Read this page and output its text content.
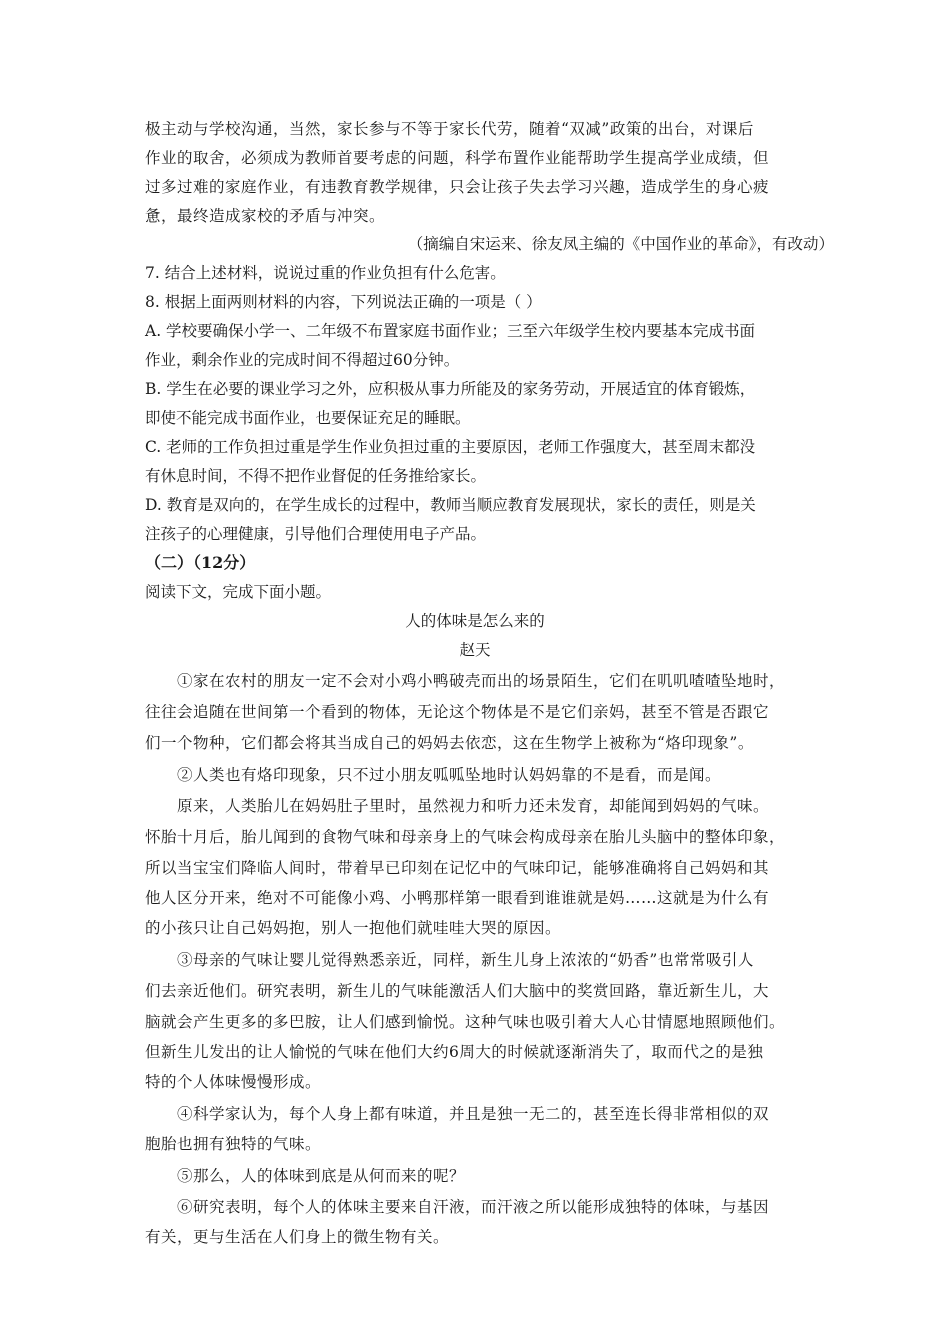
极主动与学校沟通，当然，家长参与不等于家长代劳，随着“双减”政策的出台，对课后
作业的取舍，必须成为教师首要考虑的问题，科学布置作业能帮助学生提高学业成绩，但
过多过难的家庭作业，有违教育教学规律，只会让孩子失去学习兴趣，造成学生的身心疲
惫，最终造成家校的矛盾与冲突。
（摘编自宋运来、徐友凤主编的《中国作业的革命》，有改动）
7. 结合上述材料，说说过重的作业负担有什么危害。
8. 根据上面两则材料的内容，下列说法正确的一项是（ ）
A. 学校要确保小学一、二年级不布置家庭书面作业；三至六年级学生校内要基本完成书面
作业，剩余作业的完成时间不得超过60分钟。
B. 学生在必要的课业学习之外，应积极从事力所能及的家务劳动，开展适宜的体育锻炼，
即使不能完成书面作业，也要保证充足的睡眠。
C. 老师的工作负担过重是学生作业负担过重的主要原因，老师工作强度大，甚至周末都没
有休息时间，不得不把作业督促的任务推给家长。
D. 教育是双向的，在学生成长的过程中，教师当顺应教育发展现状，家长的责任，则是关
注孩子的心理健康，引导他们合理使用电子产品。
（二）（12分）
阅读下文，完成下面小题。
人的体味是怎么来的
赵天
①家在农村的朋友一定不会对小鸡小鸭破壳而出的场景陌生，它们在叽叽喳喳坠地时，
往往会追随在世间第一个看到的物体，无论这个物体是不是它们亲妈，甚至不管是否跟它
们一个物种，它们都会将其当成自己的妈妈去依恋，这在生物学上被称为“烙印现象”。
②人类也有烙印现象，只不过小朋友呱呱坠地时认妈妈靠的不是看，而是闻。
原来，人类胎儿在妈妈肚子里时，虽然视力和听力还未发育，却能闻到妈妈的气味。
怀胎十月后，胎儿闻到的食物气味和母亲身上的气味会构成母亲在胎儿头脑中的整体印象，
所以当宝宝们降临人间时，带着早已印刻在记忆中的气味印记，能够准确将自己妈妈和其
他人区分开来，绝对不可能像小鸡、小鸭那样第一眼看到谁谁就是妈……这就是为什么有
的小孩只让自己妈妈抱，别人一抱他们就哇哇大哭的原因。
③母亲的气味让婴儿觉得熟悉亲近，同样，新生儿身上浓浓的“奶香”也常常吸引人
们去亲近他们。研究表明，新生儿的气味能激活人们大脑中的奖赏回路，靠近新生儿，大
脑就会产生更多的多巴胺，让人们感到愉悦。这种气味也吸引着大人心甘情愿地照顾他们。
但新生儿发出的让人愉悦的气味在他们大约6周大的时候就逐渐消失了，取而代之的是独
特的个人体味慢慢形成。
④科学家认为，每个人身上都有味道，并且是独一无二的，甚至连长得非常相似的双
胞胎也拥有独特的气味。
⑤那么，人的体味到底是从何而来的呢？
⑥研究表明，每个人的体味主要来自汗液，而汗液之所以能形成独特的体味，与基因
有关，更与生活在人们身上的微生物有关。
